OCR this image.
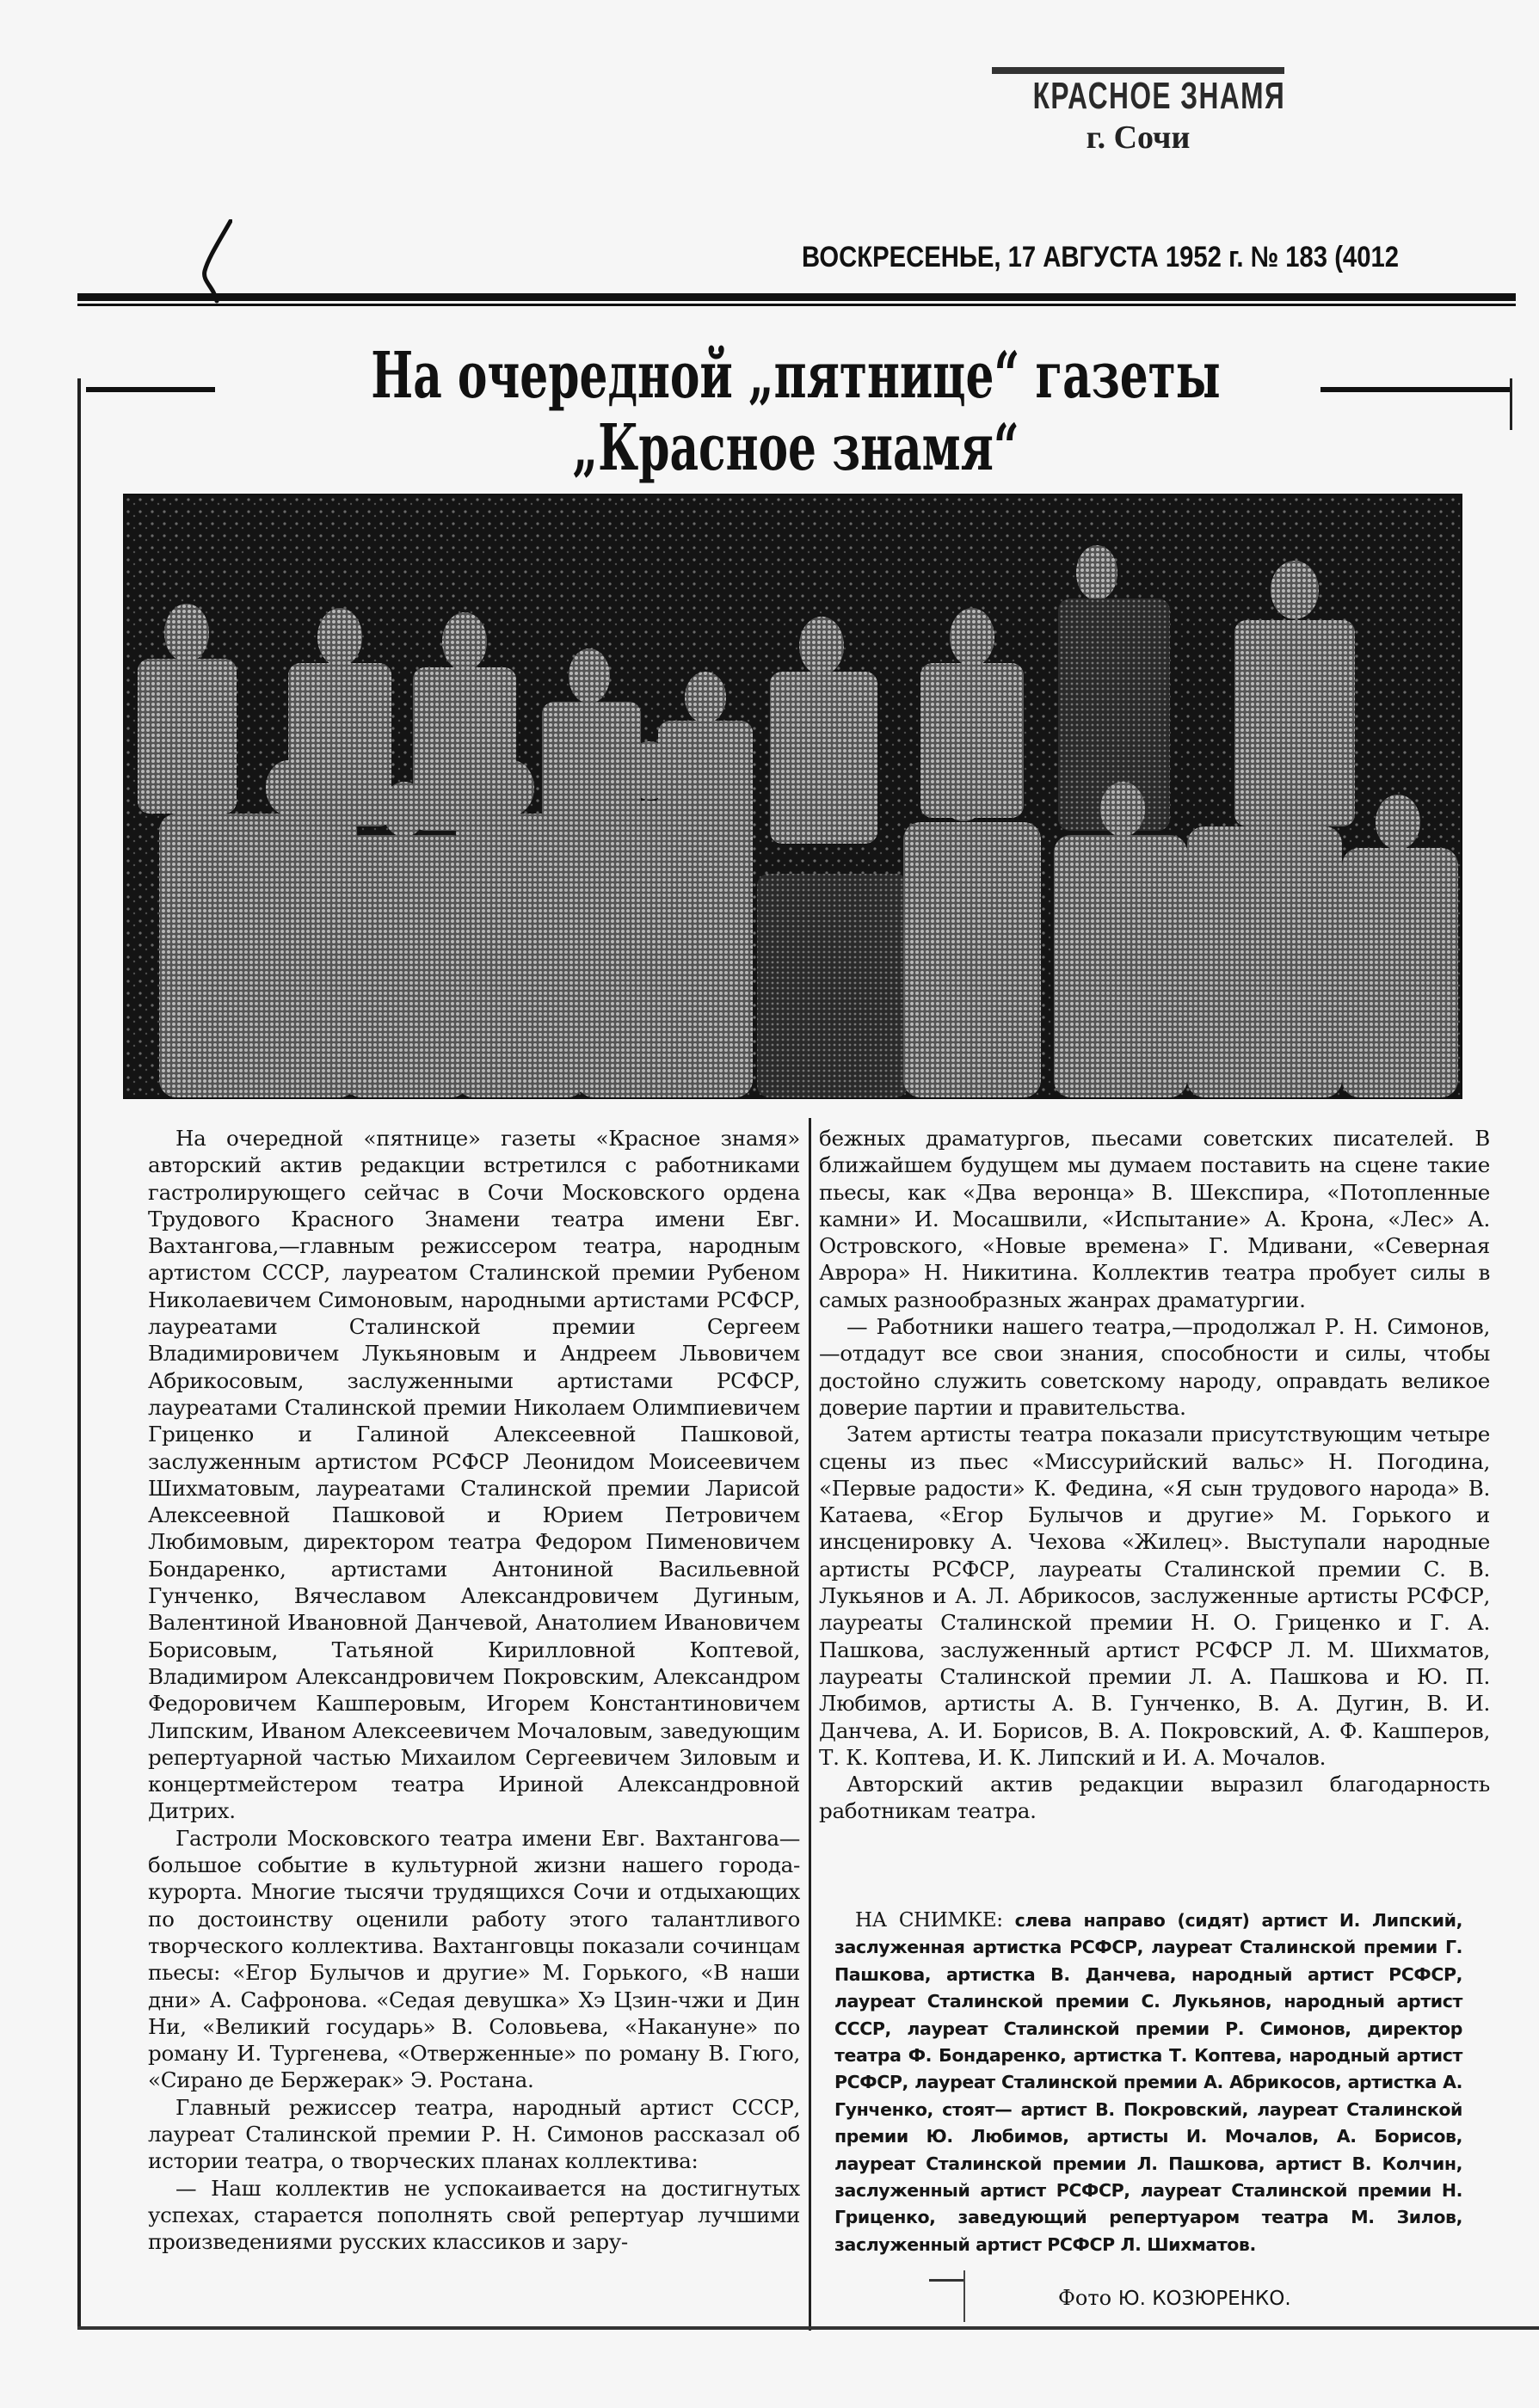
КРАСНОЕ ЗНАМЯ
г. Сочи
ВОСКРЕСЕНЬЕ, 17 АВГУСТА 1952 г. № 183 (4012
На очередной „пятнице“ газеты
„Красное знамя“

На очередной «пятнице» газеты «Красное знамя» авторский актив редакции встретился с работниками гастролирующего сейчас в Сочи Московского ордена Трудового Красного Знамени театра имени Евг. Вахтангова,—главным режиссером театра, народным артистом СССР, лауреатом Сталинской премии Рубеном Николаевичем Симоновым, народными артистами РСФСР, лауреатами Сталинской премии Сергеем Владимировичем Лукьяновым и Андреем Львовичем Абрикосовым, заслуженными артистами РСФСР, лауреатами Сталинской премии Николаем Олимпиевичем Гриценко и Галиной Алексеевной Пашковой, заслуженным артистом РСФСР Леонидом Моисеевичем Шихматовым, лауреатами Сталинской премии Ларисой Алексеевной Пашковой и Юрием Петровичем Любимовым, директором театра Федором Пименовичем Бондаренко, артистами Антониной Васильевной Гунченко, Вячеславом Александровичем Дугиным, Валентиной Ивановной Данчевой, Анатолием Ивановичем Борисовым, Татьяной Кирилловной Коптевой, Владимиром Александровичем Покровским, Александром Федоровичем Кашперовым, Игорем Константиновичем Липским, Иваном Алексеевичем Мочаловым, заведующим репертуарной частью Михаилом Сергеевичем Зиловым и концертмейстером театра Ириной Александровной Дитрих.

Гастроли Московского театра имени Евг. Вахтангова—большое событие в культурной жизни нашего города-курорта. Многие тысячи трудящихся Сочи и отдыхающих по достоинству оценили работу этого талантливого творческого коллектива. Вахтанговцы показали сочинцам пьесы: «Егор Булычов и другие» М. Горького, «В наши дни» А. Сафронова. «Седая девушка» Хэ Цзин-чжи и Дин Ни, «Великий государь» В. Соловьева, «Накануне» по роману И. Тургенева, «Отверженные» по роману В. Гюго, «Сирано де Бержерак» Э. Ростана.

Главный режиссер театра, народный артист СССР, лауреат Сталинской премии Р. Н. Симонов рассказал об истории театра, о творческих планах коллектива:

— Наш коллектив не успокаивается на достигнутых успехах, старается пополнять свой репертуар лучшими произведениями русских классиков и зару-

бежных драматургов, пьесами советских писателей. В ближайшем будущем мы думаем поставить на сцене такие пьесы, как «Два веронца» В. Шекспира, «Потопленные камни» И. Мосашвили, «Испытание» А. Крона, «Лес» А. Островского, «Новые времена» Г. Мдивани, «Северная Аврора» Н. Никитина. Коллектив театра пробует силы в самых разнообразных жанрах драматургии.

— Работники нашего театра,—продолжал Р. Н. Симонов,—отдадут все свои знания, способности и силы, чтобы достойно служить советскому народу, оправдать великое доверие партии и правительства.

Затем артисты театра показали присутствующим четыре сцены из пьес «Миссурийский вальс» Н. Погодина, «Первые радости» К. Федина, «Я сын трудового народа» В. Катаева, «Егор Булычов и другие» М. Горького и инсценировку А. Чехова «Жилец». Выступали народные артисты РСФСР, лауреаты Сталинской премии С. В. Лукьянов и А. Л. Абрикосов, заслуженные артисты РСФСР, лауреаты Сталинской премии Н. О. Гриценко и Г. А. Пашкова, заслуженный артист РСФСР Л. М. Шихматов, лауреаты Сталинской премии Л. А. Пашкова и Ю. П. Любимов, артисты А. В. Гунченко, В. А. Дугин, В. И. Данчева, А. И. Борисов, В. А. Покровский, А. Ф. Кашперов, Т. К. Коптева, И. К. Липский и И. А. Мочалов.

Авторский актив редакции выразил благодарность работникам театра.

НА СНИМКЕ: слева направо (сидят) артист И. Липский, заслуженная артистка РСФСР, лауреат Сталинской премии Г. Пашкова, артистка В. Данчева, народный артист РСФСР, лауреат Сталинской премии С. Лукьянов, народный артист СССР, лауреат Сталинской премии Р. Симонов, директор театра Ф. Бондаренко, артистка Т. Коптева, народный артист РСФСР, лауреат Сталинской премии А. Абрикосов, артистка А. Гунченко, стоят— артист В. Покровский, лауреат Сталинской премии Ю. Любимов, артисты И. Мочалов, А. Борисов, лауреат Сталинской премии Л. Пашкова, артист В. Колчин, заслуженный артист РСФСР, лауреат Сталинской премии Н. Гриценко, заведующий репертуаром театра М. Зилов, заслуженный артист РСФСР Л. Шихматов.

Фото Ю. КОЗЮРЕНКО.
